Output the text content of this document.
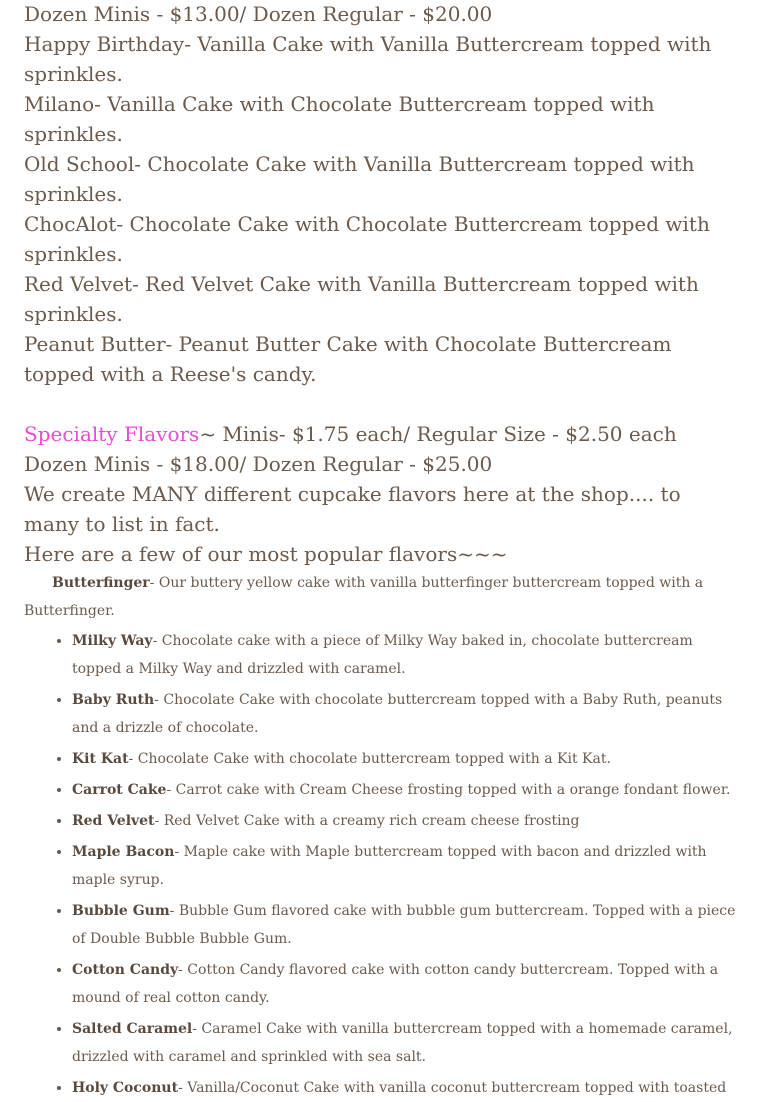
Dozen Minis - $13.00/ Dozen Regular - $20.00

Happy Birthday- Vanilla Cake with Vanilla Buttercream topped with sprinkles.

Milano- Vanilla Cake with Chocolate Buttercream topped with sprinkles.

Old School- Chocolate Cake with Vanilla Buttercream topped with sprinkles.

ChocAlot- Chocolate Cake with Chocolate Buttercream topped with sprinkles.

Red Velvet- Red Velvet Cake with Vanilla Buttercream topped with sprinkles.

Peanut Butter- Peanut Butter Cake with Chocolate Buttercream topped with a Reese's candy.

Specialty Flavors~ Minis- $1.75 each/ Regular Size - $2.50 each

Dozen Minis - $18.00/ Dozen Regular - $25.00

We create MANY different cupcake flavors here at the shop.... to many to list in fact.

Here are a few of our most popular flavors~~~

Butterfinger- Our buttery yellow cake with vanilla butterfinger buttercream topped with a Butterfinger.

• Milky Way- Chocolate cake with a piece of Milky Way baked in, chocolate buttercream topped a Milky Way and drizzled with caramel.
• Baby Ruth- Chocolate Cake with chocolate buttercream topped with a Baby Ruth, peanuts and a drizzle of chocolate.
• Kit Kat- Chocolate Cake with chocolate buttercream topped with a Kit Kat.
• Carrot Cake- Carrot cake with Cream Cheese frosting topped with a orange fondant flower.
• Red Velvet- Red Velvet Cake with a creamy rich cream cheese frosting
• Maple Bacon- Maple cake with Maple buttercream topped with bacon and drizzled with maple syrup.
• Bubble Gum- Bubble Gum flavored cake with bubble gum buttercream. Topped with a piece of Double Bubble Bubble Gum.
• Cotton Candy- Cotton Candy flavored cake with cotton candy buttercream. Topped with a mound of real cotton candy.
• Salted Caramel- Caramel Cake with vanilla buttercream topped with a homemade caramel, drizzled with caramel and sprinkled with sea salt.
• Holy Coconut- Vanilla/Coconut Cake with vanilla coconut buttercream topped with toasted
